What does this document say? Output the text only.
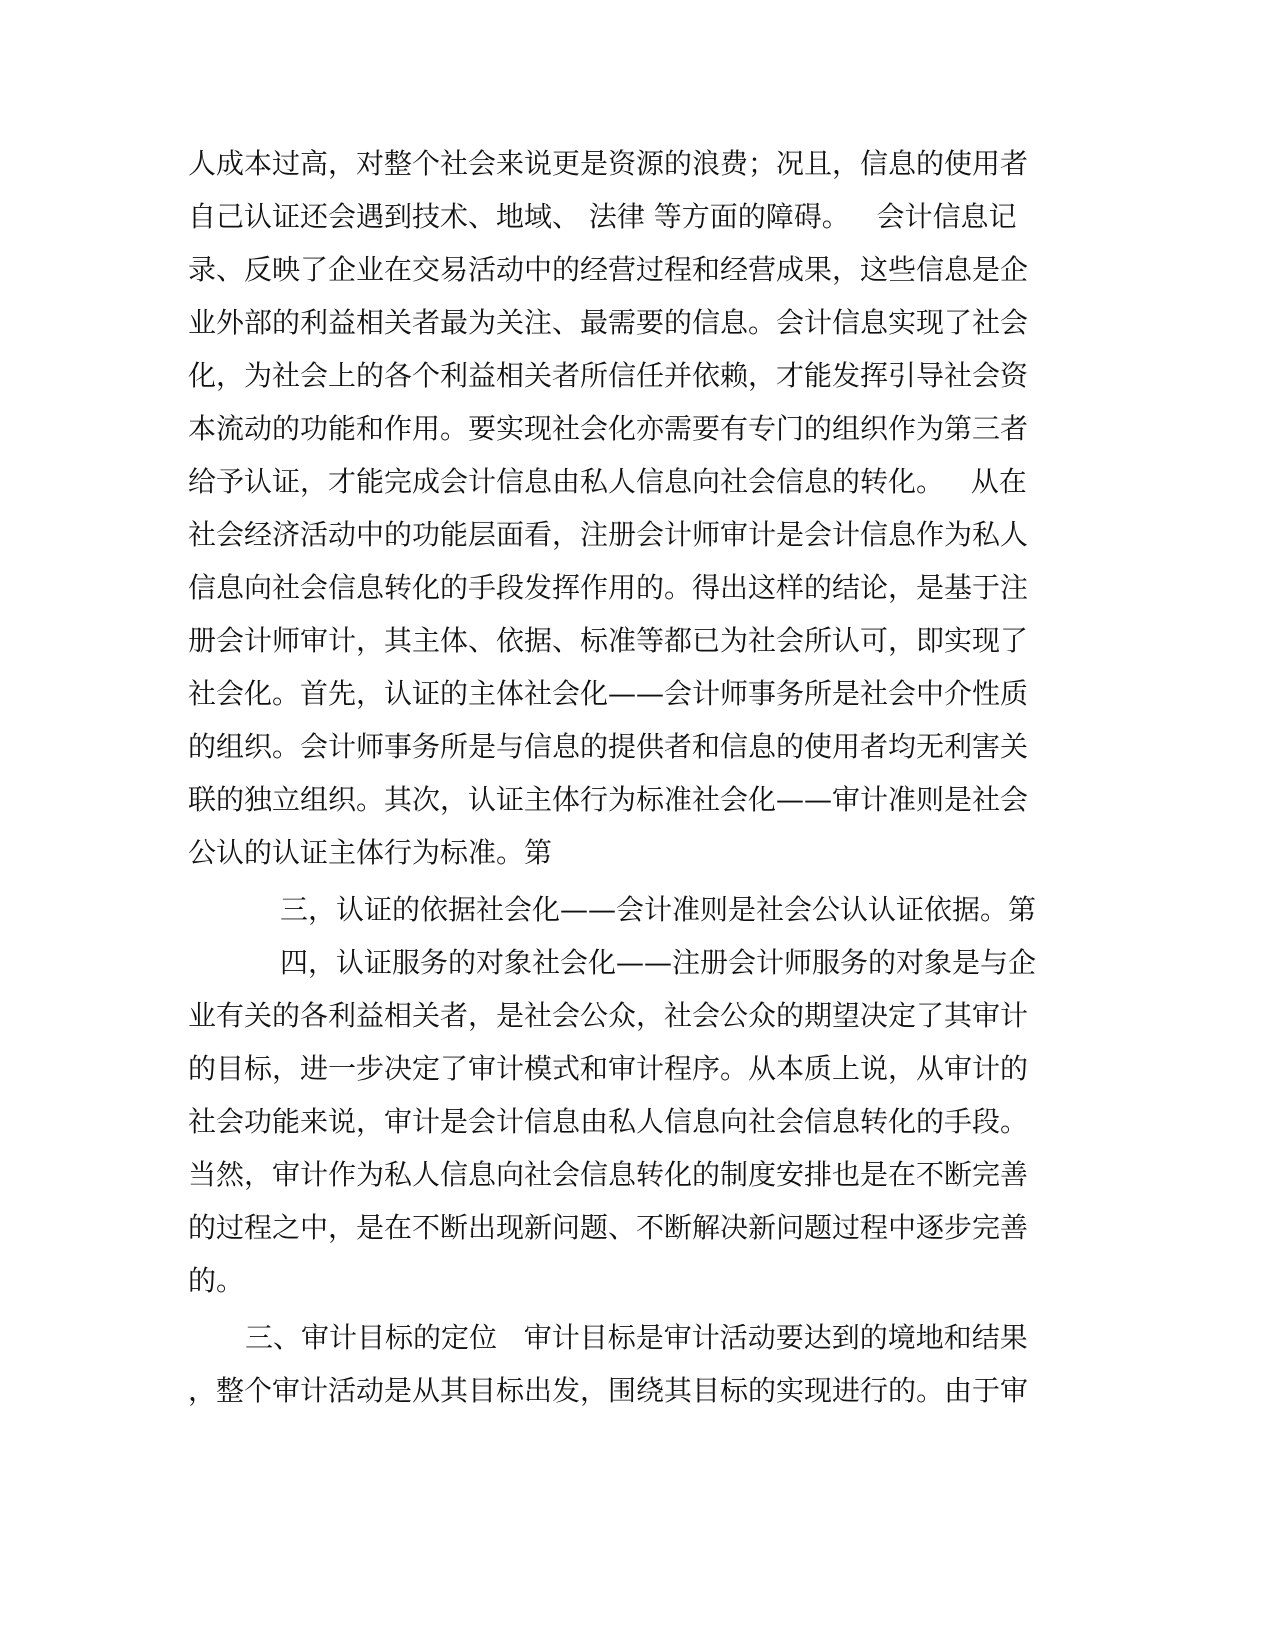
人成本过高，对整个社会来说更是资源的浪费；况且，信息的使用者
自己认证还会遇到技术、地域、 法律 等方面的障碍。   会计信息记
录、反映了企业在交易活动中的经营过程和经营成果，这些信息是企
业外部的利益相关者最为关注、最需要的信息。会计信息实现了社会
化，为社会上的各个利益相关者所信任并依赖，才能发挥引导社会资
本流动的功能和作用。要实现社会化亦需要有专门的组织作为第三者
给予认证，才能完成会计信息由私人信息向社会信息的转化。   从在
社会经济活动中的功能层面看，注册会计师审计是会计信息作为私人
信息向社会信息转化的手段发挥作用的。得出这样的结论，是基于注
册会计师审计，其主体、依据、标准等都已为社会所认可，即实现了
社会化。首先，认证的主体社会化——会计师事务所是社会中介性质
的组织。会计师事务所是与信息的提供者和信息的使用者均无利害关
联的独立组织。其次，认证主体行为标准社会化——审计准则是社会
公认的认证主体行为标准。第
三，认证的依据社会化——会计准则是社会公认认证依据。第
四，认证服务的对象社会化——注册会计师服务的对象是与企
业有关的各利益相关者，是社会公众，社会公众的期望决定了其审计
的目标，进一步决定了审计模式和审计程序。从本质上说，从审计的
社会功能来说，审计是会计信息由私人信息向社会信息转化的手段。
当然，审计作为私人信息向社会信息转化的制度安排也是在不断完善
的过程之中，是在不断出现新问题、不断解决新问题过程中逐步完善
的。
三、审计目标的定位   审计目标是审计活动要达到的境地和结果
，整个审计活动是从其目标出发，围绕其目标的实现进行的。由于审
